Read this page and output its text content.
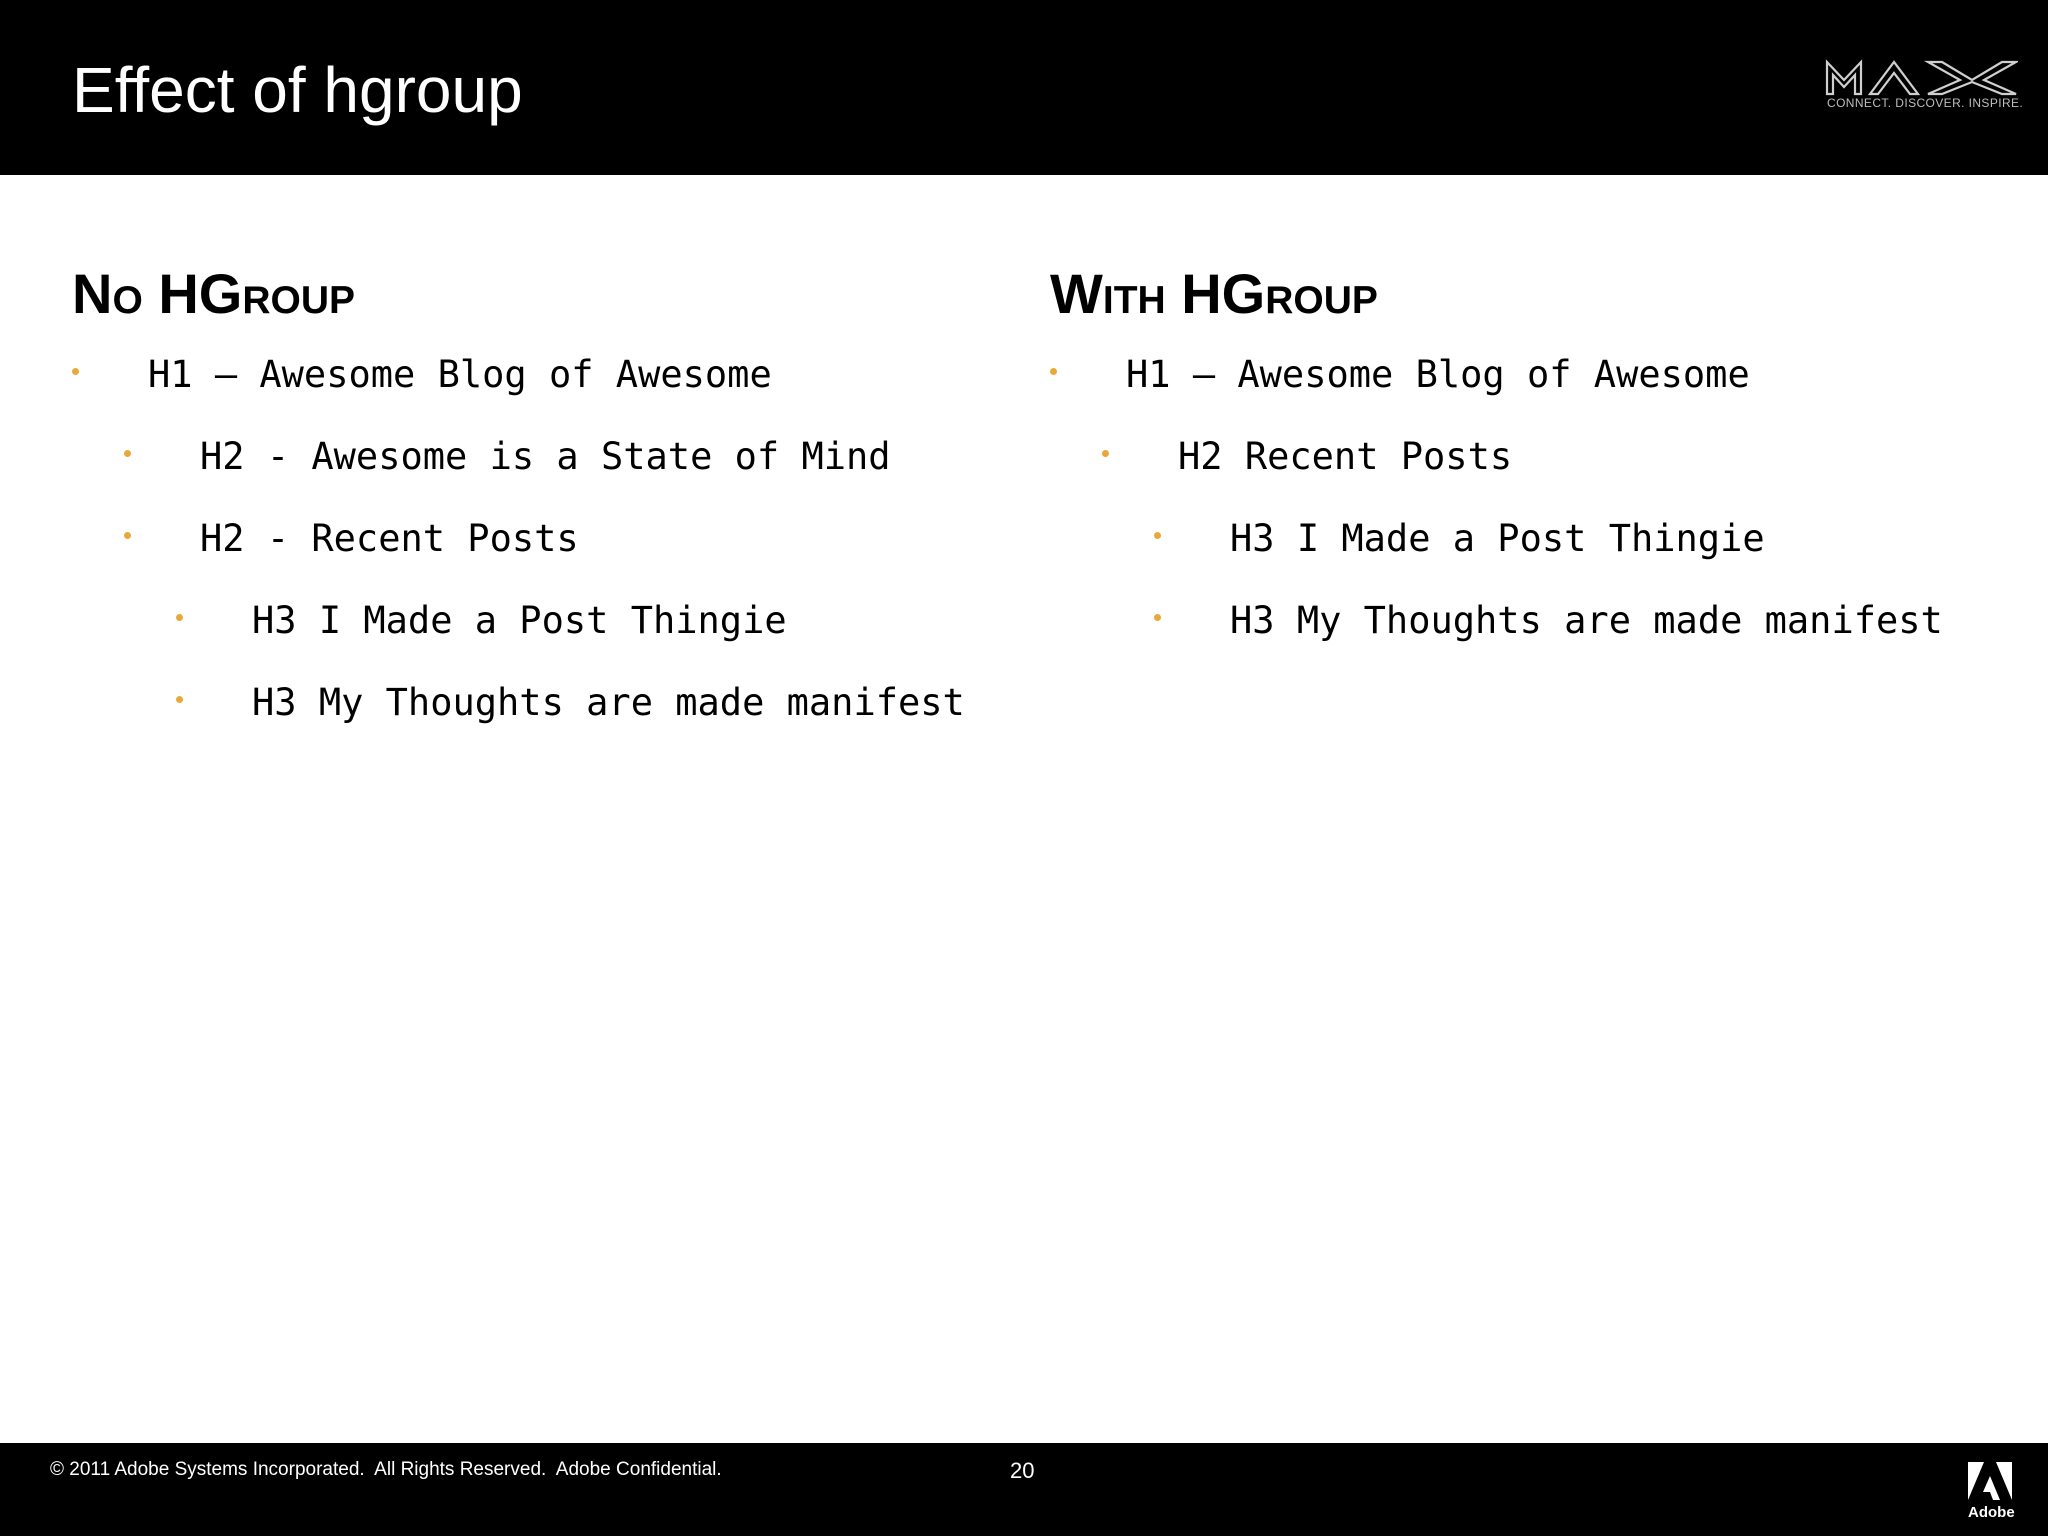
Effect of hgroup	CONNECT. DISCOVER. INSPIRE.
No HGroup
H1 – Awesome Blog of Awesome
H2 - Awesome is a State of Mind
H2 - Recent Posts
H3 I Made a Post Thingie
H3 My Thoughts are made manifest
With HGroup
H1 – Awesome Blog of Awesome
H2 Recent Posts
H3 I Made a Post Thingie
H3 My Thoughts are made manifest
© 2011 Adobe Systems Incorporated.  All Rights Reserved.  Adobe Confidential.	20
Adobe
